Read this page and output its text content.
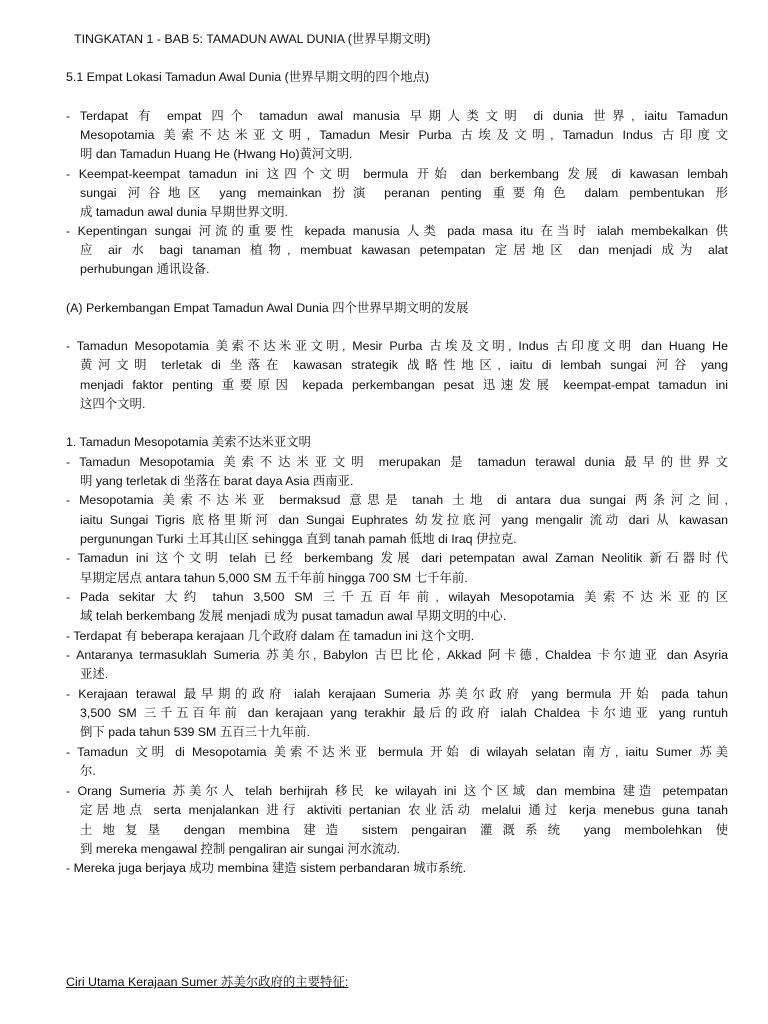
TINGKATAN 1 - BAB 5: TAMADUN AWAL DUNIA (世界早期文明)
5.1 Empat Lokasi Tamadun Awal Dunia (世界早期文明的四个地点)
- Terdapat 有 empat 四个 tamadun awal manusia 早期人类文明 di dunia 世界, iaitu Tamadun
Mesopotamia 美索不达米亚文明, Tamadun Mesir Purba 古埃及文明, Tamadun Indus 古印度文
明 dan Tamadun Huang He (Hwang Ho)黄河文明.
- Keempat-keempat tamadun ini 这四个文明 bermula 开始 dan berkembang 发展 di kawasan lembah
sungai 河谷地区 yang memainkan 扮演 peranan penting 重要角色 dalam pembentukan 形
成 tamadun awal dunia 早期世界文明.
- Kepentingan sungai 河流的重要性 kepada manusia 人类 pada masa itu 在当时 ialah membekalkan 供
应 air 水 bagi tanaman 植物, membuat kawasan petempatan 定居地区 dan menjadi 成为 alat
perhubungan 通讯设备.
(A) Perkembangan Empat Tamadun Awal Dunia 四个世界早期文明的发展
- Tamadun Mesopotamia 美索不达米亚文明, Mesir Purba 古埃及文明, Indus 古印度文明 dan Huang He
黄河文明 terletak di 坐落在 kawasan strategik 战略性地区, iaitu di lembah sungai 河谷 yang
menjadi faktor penting 重要原因 kepada perkembangan pesat 迅速发展 keempat-empat tamadun ini
这四个文明.
1. Tamadun Mesopotamia 美索不达米亚文明
- Tamadun Mesopotamia 美索不达米亚文明 merupakan 是 tamadun terawal dunia 最早的世界文
明 yang terletak di 坐落在 barat daya Asia 西南亚.
- Mesopotamia 美索不达米亚 bermaksud 意思是 tanah 土地 di antara dua sungai 两条河之间,
iaitu Sungai Tigris 底格里斯河 dan Sungai Euphrates 幼发拉底河 yang mengalir 流动 dari 从 kawasan
pergunungan Turki 土耳其山区 sehingga 直到 tanah pamah 低地 di Iraq 伊拉克.
- Tamadun ini 这个文明 telah 已经 berkembang 发展 dari petempatan awal Zaman Neolitik 新石器时代
早期定居点 antara tahun 5,000 SM 五千年前 hingga 700 SM 七千年前.
- Pada sekitar 大约 tahun 3,500 SM 三千五百年前, wilayah Mesopotamia 美索不达米亚的区
域 telah berkembang 发展 menjadi 成为 pusat tamadun awal 早期文明的中心.
- Terdapat 有 beberapa kerajaan 几个政府 dalam 在 tamadun ini 这个文明.
- Antaranya termasuklah Sumeria 苏美尔, Babylon 古巴比伦, Akkad 阿卡德, Chaldea 卡尔迪亚 dan Asyria
亚述.
- Kerajaan terawal 最早期的政府 ialah kerajaan Sumeria 苏美尔政府 yang bermula 开始 pada tahun
3,500 SM 三千五百年前 dan kerajaan yang terakhir 最后的政府 ialah Chaldea 卡尔迪亚 yang runtuh
倒下 pada tahun 539 SM 五百三十九年前.
- Tamadun 文明 di Mesopotamia 美索不达米亚 bermula 开始 di wilayah selatan 南方, iaitu Sumer 苏美
尔.
- Orang Sumeria 苏美尔人 telah berhijrah 移民 ke wilayah ini 这个区域 dan membina 建造 petempatan
定居地点 serta menjalankan 进行 aktiviti pertanian 农业活动 melalui 通过 kerja menebus guna tanah
土地复垦 dengan membina 建造 sistem pengairan 灌溉系统 yang membolehkan 使
到 mereka mengawal 控制 pengaliran air sungai 河水流动.
- Mereka juga berjaya 成功 membina 建造 sistem perbandaran 城市系统.
Ciri Utama Kerajaan Sumer 苏美尔政府的主要特征:
